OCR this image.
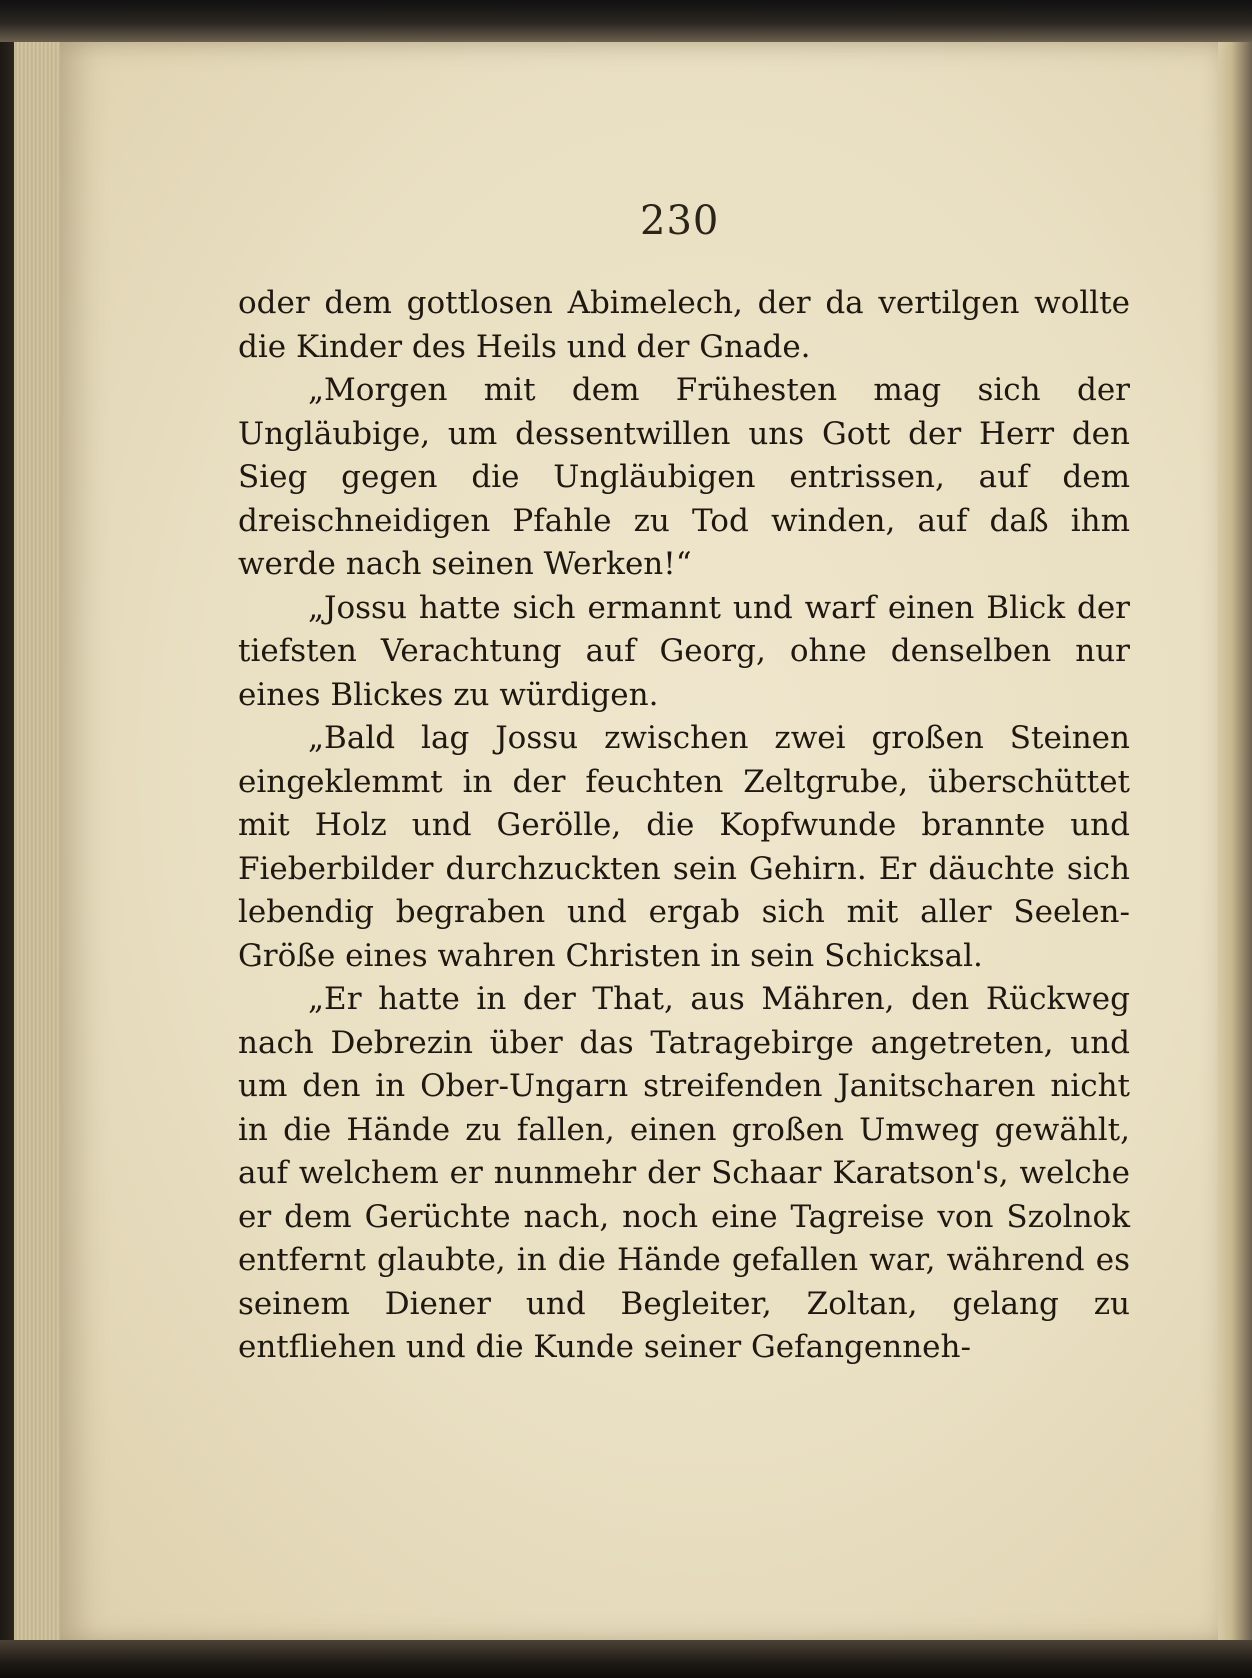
230

oder dem gottlosen Abimelech, der da vertilgen wollte die Kinder des Heils und der Gnade.

„Morgen mit dem Frühesten mag sich der Ungläubige, um dessentwillen uns Gott der Herr den Sieg gegen die Ungläubigen entrissen, auf dem dreischneidigen Pfahle zu Tod winden, auf daß ihm werde nach seinen Werken!“

„Jossu hatte sich ermannt und warf einen Blick der tiefsten Verachtung auf Georg, ohne denselben nur eines Blickes zu würdigen.

„Bald lag Jossu zwischen zwei großen Steinen eingeklemmt in der feuchten Zeltgrube, überschüttet mit Holz und Gerölle, die Kopfwunde brannte und Fieberbilder durchzuckten sein Gehirn. Er däuchte sich lebendig begraben und ergab sich mit aller Seelen-Größe eines wahren Christen in sein Schicksal.

„Er hatte in der That, aus Mähren, den Rückweg nach Debrezin über das Tatragebirge angetreten, und um den in Ober-Ungarn streifenden Janitscharen nicht in die Hände zu fallen, einen großen Umweg gewählt, auf welchem er nunmehr der Schaar Karatson's, welche er dem Gerüchte nach, noch eine Tagreise von Szolnok entfernt glaubte, in die Hände gefallen war, während es seinem Diener und Begleiter, Zoltan, gelang zu entfliehen und die Kunde seiner Gefangenneh-
